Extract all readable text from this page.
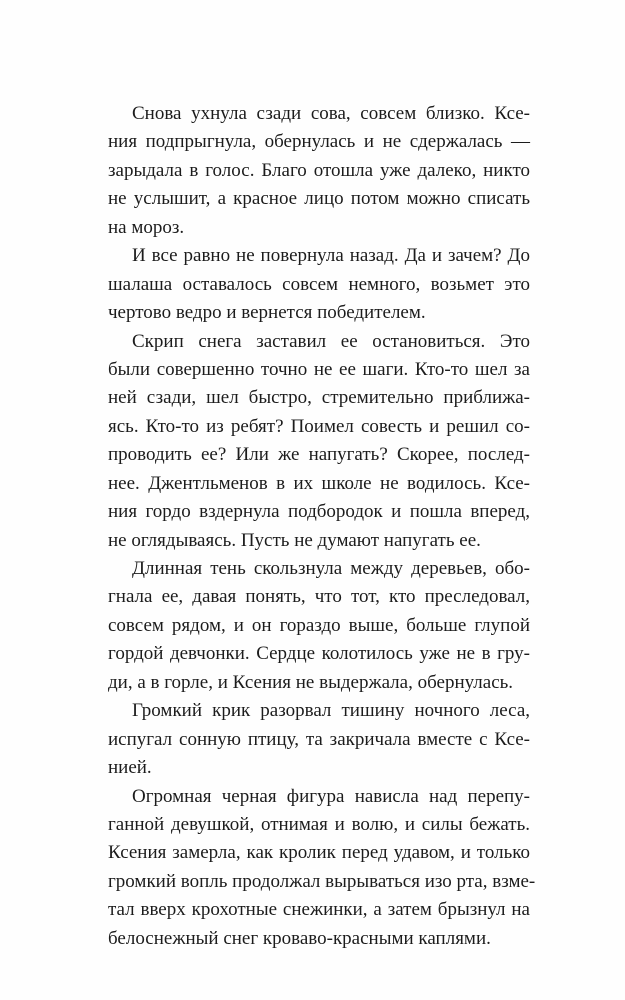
Снова ухнула сзади сова, совсем близко. Ксе-
ния подпрыгнула, обернулась и не сдержалась —
зарыдала в голос. Благо отошла уже далеко, никто
не услышит, а красное лицо потом можно списать
на мороз.
И все равно не повернула назад. Да и зачем? До
шалаша оставалось совсем немного, возьмет это
чертово ведро и вернется победителем.
Скрип снега заставил ее остановиться. Это
были совершенно точно не ее шаги. Кто-то шел за
ней сзади, шел быстро, стремительно приближа-
ясь. Кто-то из ребят? Поимел совесть и решил со-
проводить ее? Или же напугать? Скорее, послед-
нее. Джентльменов в их школе не водилось. Ксе-
ния гордо вздернула подбородок и пошла вперед,
не оглядываясь. Пусть не думают напугать ее.
Длинная тень скользнула между деревьев, обо-
гнала ее, давая понять, что тот, кто преследовал,
совсем рядом, и он гораздо выше, больше глупой
гордой девчонки. Сердце колотилось уже не в гру-
ди, а в горле, и Ксения не выдержала, обернулась.
Громкий крик разорвал тишину ночного леса,
испугал сонную птицу, та закричала вместе с Ксе-
нией.
Огромная черная фигура нависла над перепу-
ганной девушкой, отнимая и волю, и силы бежать.
Ксения замерла, как кролик перед удавом, и только
громкий вопль продолжал вырываться изо рта, взме-
тал вверх крохотные снежинки, а затем брызнул на
белоснежный снег кроваво-красными каплями.
